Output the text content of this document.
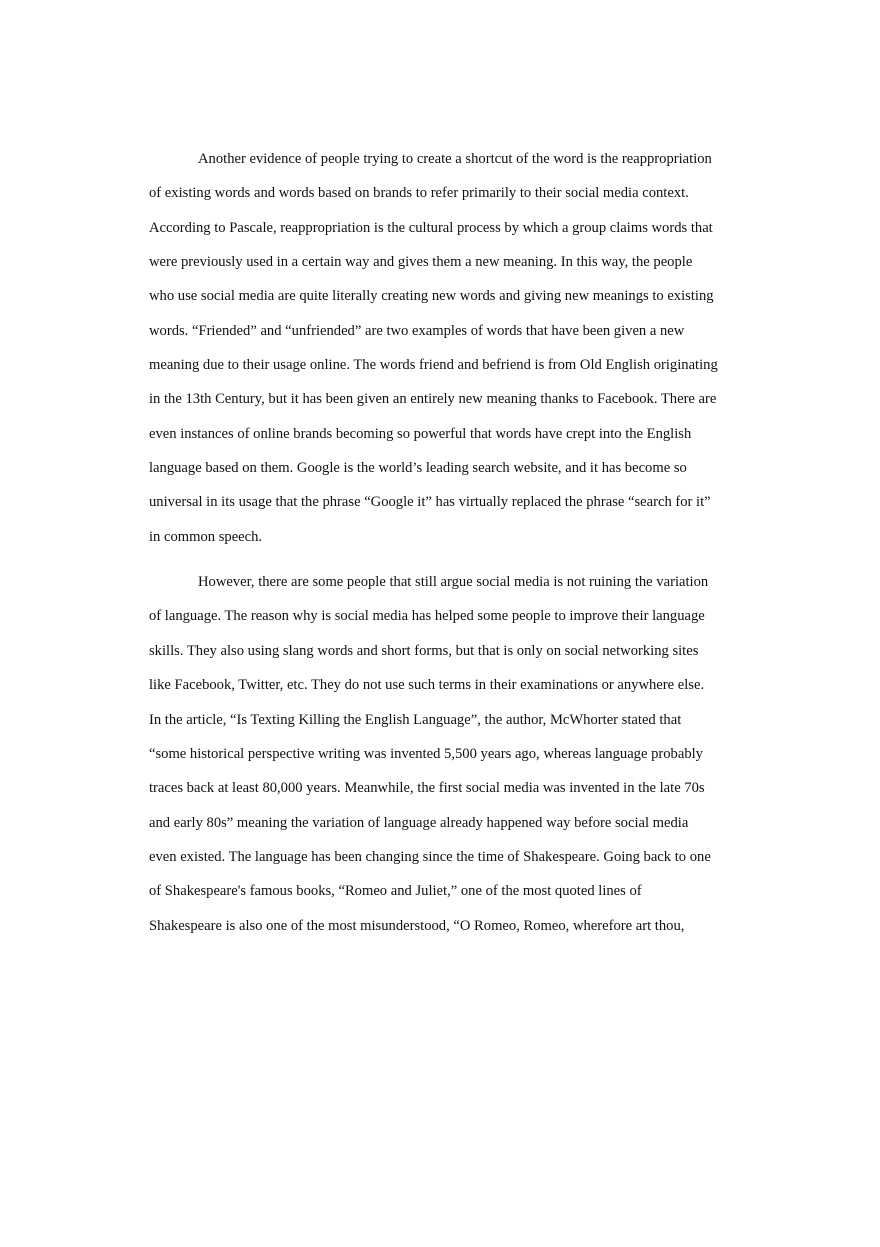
Another evidence of people trying to create a shortcut of the word is the reappropriation
of existing words and words based on brands to refer primarily to their social media context.
According to Pascale, reappropriation is the cultural process by which a group claims words that
were previously used in a certain way and gives them a new meaning. In this way, the people
who use social media are quite literally creating new words and giving new meanings to existing
words. “Friended” and “unfriended” are two examples of words that have been given a new
meaning due to their usage online. The words friend and befriend is from Old English originating
in the 13th Century, but it has been given an entirely new meaning thanks to Facebook. There are
even instances of online brands becoming so powerful that words have crept into the English
language based on them. Google is the world’s leading search website, and it has become so
universal in its usage that the phrase “Google it” has virtually replaced the phrase “search for it”
in common speech.
However, there are some people that still argue social media is not ruining the variation
of language. The reason why is social media has helped some people to improve their language
skills. They also using slang words and short forms, but that is only on social networking sites
like Facebook, Twitter, etc. They do not use such terms in their examinations or anywhere else.
In the article, “Is Texting Killing the English Language”, the author, McWhorter stated that
“some historical perspective writing was invented 5,500 years ago, whereas language probably
traces back at least 80,000 years. Meanwhile, the first social media was invented in the late 70s
and early 80s” meaning the variation of language already happened way before social media
even existed. The language has been changing since the time of Shakespeare. Going back to one
of Shakespeare's famous books, “Romeo and Juliet,” one of the most quoted lines of
Shakespeare is also one of the most misunderstood, “O Romeo, Romeo, wherefore art thou,
